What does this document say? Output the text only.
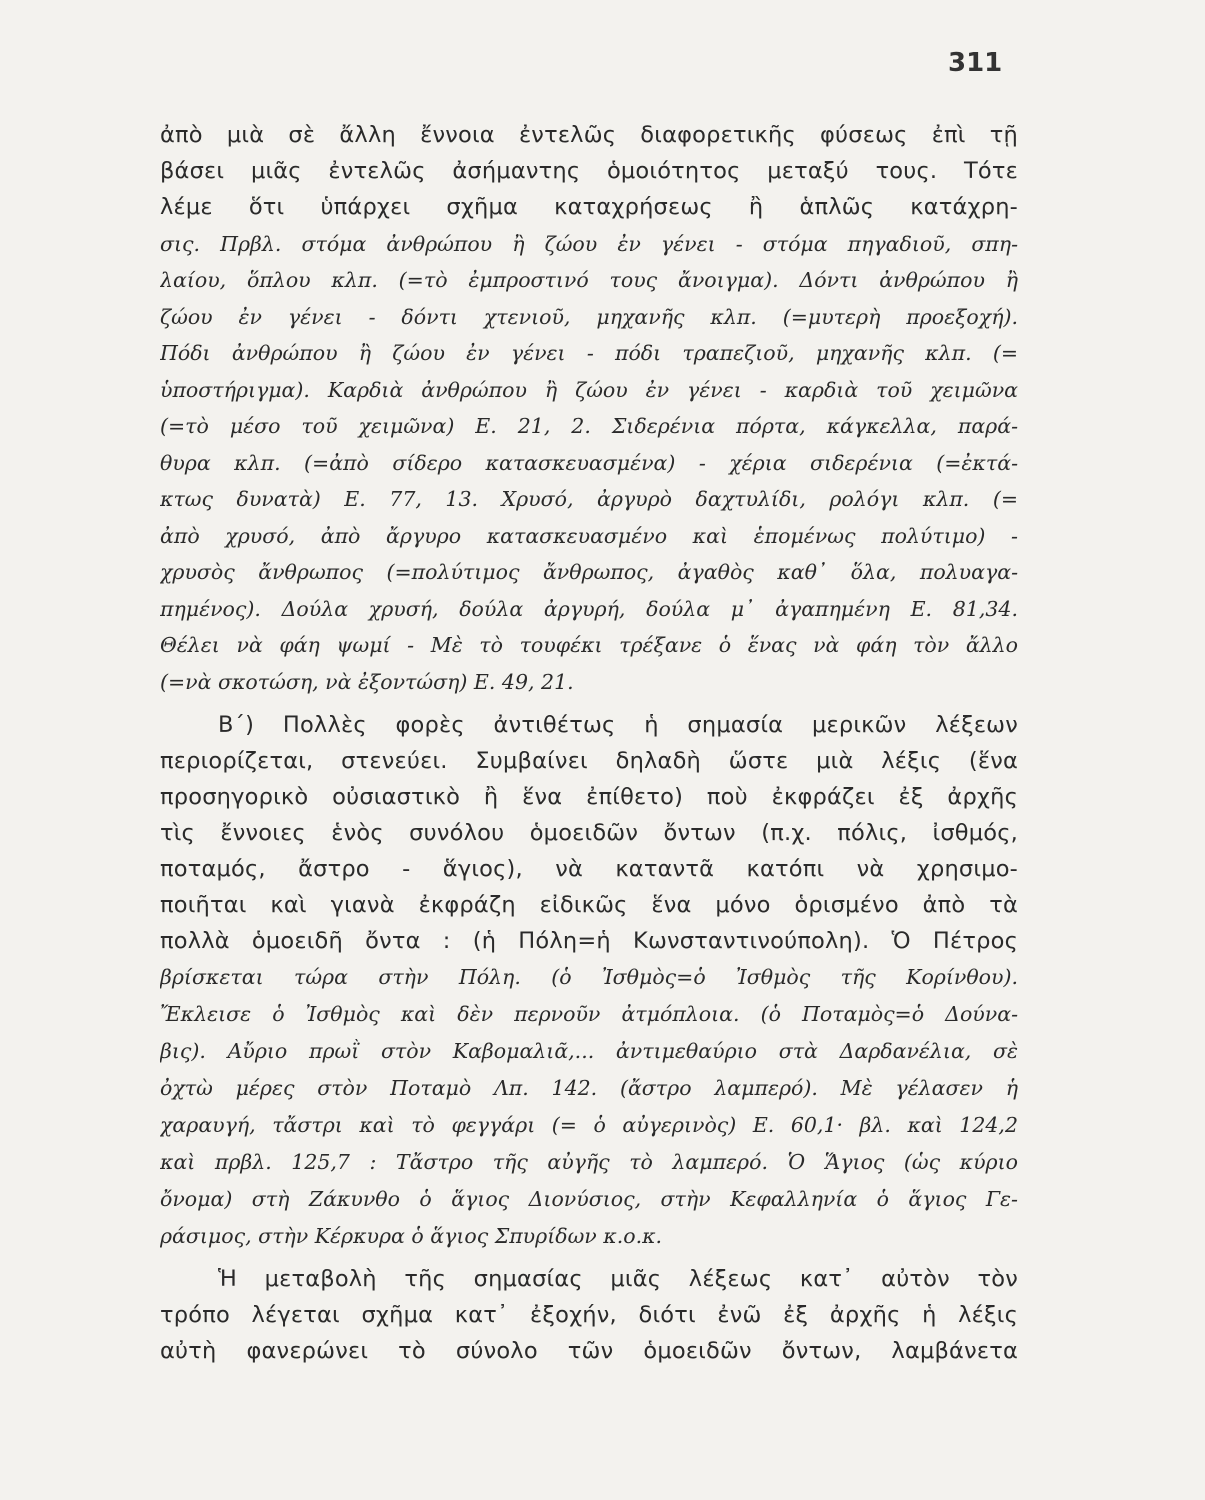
311
ἀπὸ μιὰ σὲ ἄλλη ἔννοια ἐντελῶς διαφορετικῆς φύσεως ἐπὶ τῇ
βάσει μιᾶς ἐντελῶς ἀσήμαντης ὁμοιότητος μεταξύ τους. Τότε
λέμε ὅτι ὑπάρχει σχῆμα καταχρήσεως ἢ ἁπλῶς κατάχρη-
σις. Πρβλ. στόμα ἀνθρώπου ἢ ζώου ἐν γένει - στόμα πηγαδιοῦ, σπη-
λαίου, ὅπλου κλπ. (=τὸ ἐμπροστινό τους ἄνοιγμα). Δόντι ἀνθρώπου ἢ
ζώου ἐν γένει - δόντι χτενιοῦ, μηχανῆς κλπ. (=μυτερὴ προεξοχή).
Πόδι ἀνθρώπου ἢ ζώου ἐν γένει - πόδι τραπεζιοῦ, μηχανῆς κλπ. (=
ὑποστήριγμα). Καρδιὰ ἀνθρώπου ἢ ζώου ἐν γένει - καρδιὰ τοῦ χειμῶνα
(=τὸ μέσο τοῦ χειμῶνα) Ε. 21, 2. Σιδερένια πόρτα, κάγκελλα, παρά-
θυρα κλπ. (=ἀπὸ σίδερο κατασκευασμένα) - χέρια σιδερένια (=ἐκτά-
κτως δυνατὰ) Ε. 77, 13. Χρυσό, ἀργυρὸ δαχτυλίδι, ρολόγι κλπ. (=
ἀπὸ χρυσό, ἀπὸ ἄργυρο κατασκευασμένο καὶ ἑπομένως πολύτιμο) -
χρυσὸς ἄνθρωπος (=πολύτιμος ἄνθρωπος, ἀγαθὸς καθ᾽ ὅλα, πολυαγα-
πημένος). Δούλα χρυσή, δούλα ἀργυρή, δούλα μ᾽ ἀγαπημένη Ε. 81,34.
Θέλει νὰ φάη ψωμί - Μὲ τὸ τουφέκι τρέξανε ὁ ἕνας νὰ φάη τὸν ἄλλο
(=νὰ σκοτώση, νὰ ἐξοντώση) Ε. 49, 21.
Β΄) Πολλὲς φορὲς ἀντιθέτως ἡ σημασία μερικῶν λέξεων
περιορίζεται, στενεύει. Συμβαίνει δηλαδὴ ὥστε μιὰ λέξις (ἕνα
προσηγορικὸ οὐσιαστικὸ ἢ ἕνα ἐπίθετο) ποὺ ἐκφράζει ἐξ ἀρχῆς
τὶς ἔννοιες ἑνὸς συνόλου ὁμοειδῶν ὄντων (π.χ. πόλις, ἰσθμός,
ποταμός, ἄστρο - ἅγιος), νὰ καταντᾶ κατόπι νὰ χρησιμο-
ποιῆται καὶ γιανὰ ἐκφράζη εἰδικῶς ἕνα μόνο ὁρισμένο ἀπὸ τὰ
πολλὰ ὁμοειδῆ ὄντα : (ἡ Πόλη=ἡ Κωνσταντινούπολη). Ὁ Πέτρος
βρίσκεται τώρα στὴν Πόλη. (ὁ Ἰσθμὸς=ὁ Ἰσθμὸς τῆς Κορίνθου).
Ἔκλεισε ὁ Ἰσθμὸς καὶ δὲν περνοῦν ἀτμόπλοια. (ὁ Ποταμὸς=ὁ Δούνα-
βις). Αὔριο πρωῒ στὸν Καβομαλιᾶ,... ἀντιμεθαύριο στὰ Δαρδανέλια, σὲ
ὀχτὼ μέρες στὸν Ποταμὸ Λπ. 142. (ἄστρο λαμπερό). Μὲ γέλασεν ἡ
χαραυγή, τἄστρι καὶ τὸ φεγγάρι (= ὁ αὐγερινὸς) Ε. 60,1· βλ. καὶ 124,2
καὶ πρβλ. 125,7 : Τἄστρο τῆς αὐγῆς τὸ λαμπερό. Ὁ Ἅγιος (ὡς κύριο
ὄνομα) στὴ Ζάκυνθο ὁ ἅγιος Διονύσιος, στὴν Κεφαλληνία ὁ ἅγιος Γε-
ράσιμος, στὴν Κέρκυρα ὁ ἅγιος Σπυρίδων κ.ο.κ.
Ἡ μεταβολὴ τῆς σημασίας μιᾶς λέξεως κατ᾽ αὐτὸν τὸν
τρόπο λέγεται σχῆμα κατ᾽ ἐξοχήν, διότι ἐνῶ ἐξ ἀρχῆς ἡ λέξις
αὐτὴ φανερώνει τὸ σύνολο τῶν ὁμοειδῶν ὄντων, λαμβάνετα
